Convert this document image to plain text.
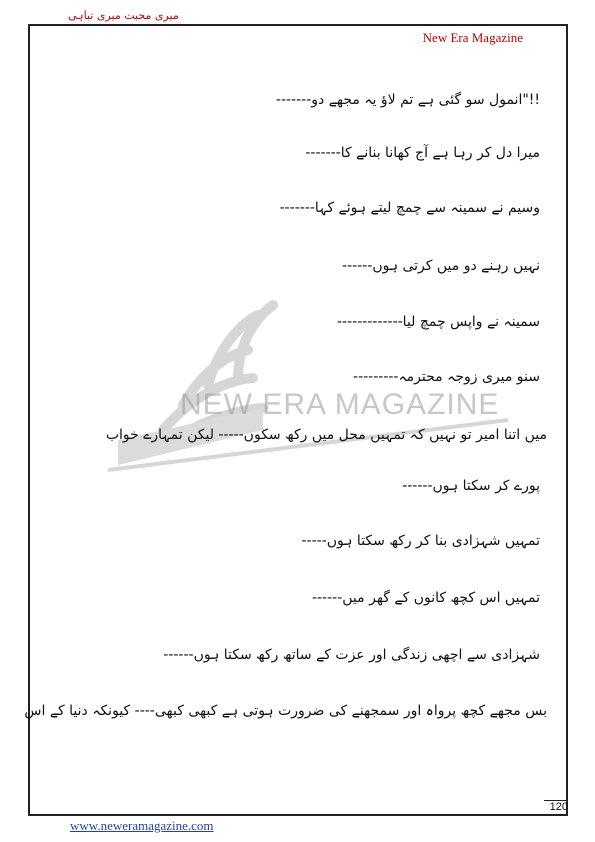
میری محبت میری تباہی
New Era Magazine
NEW ERA MAGAZINE
!!"انمول سو گئی ہے تم لاؤ یہ مجھے دو-------
میرا دل کر رہا ہے آج کھانا بنانے کا-------
وسیم نے سمینہ سے چمچ لیتے ہوئے کہا-------
نہیں رہنے دو میں کرتی ہوں------
سمینہ نے واپس چمچ لیا-------------
سنو میری زوجہ محترمہ---------
میں اتنا امیر تو نہیں کہ تمہیں محل میں رکھ سکوں----- لیکن تمہارے خواب
پورے کر سکتا ہوں------
تمہیں شہزادی بنا کر رکھ سکتا ہوں-----
تمہیں اس کچھ کانوں کے گھر میں------
شہزادی سے اچھی زندگی اور عزت کے ساتھ رکھ سکتا ہوں------
بس مجھے کچھ پرواہ اور سمجھنے کی ضرورت ہوتی ہے کبھی کبھی---- کیونکہ دنیا کے اس
120
www.neweramagazine.com
